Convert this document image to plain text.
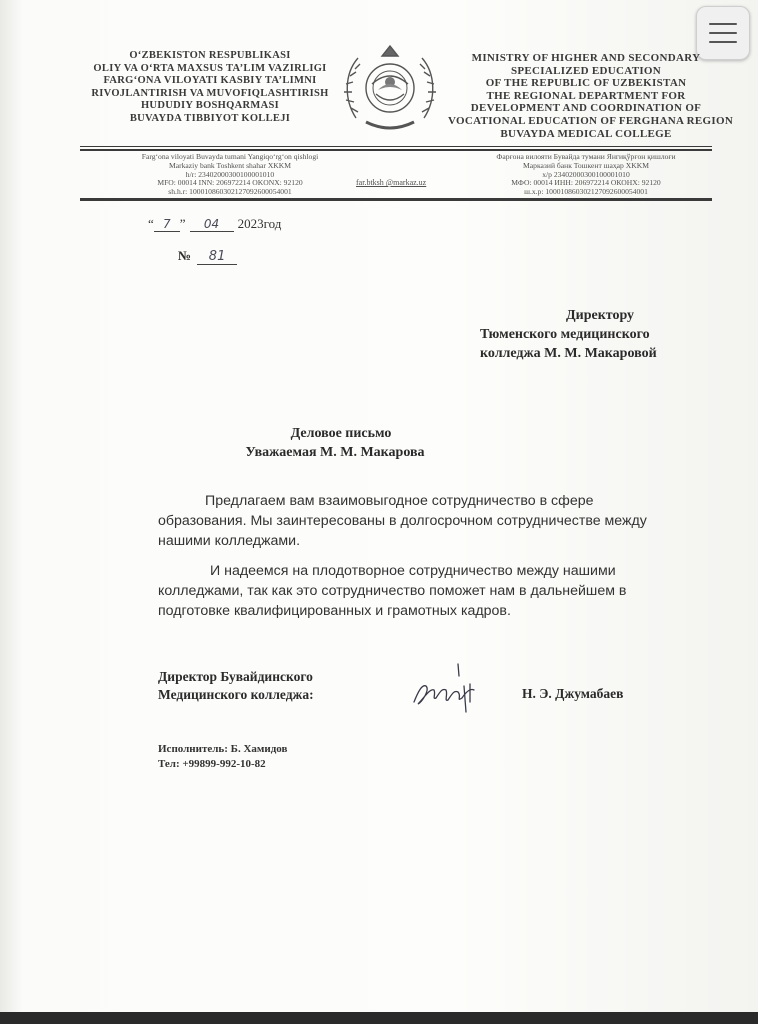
O‘ZBEKISTON RESPUBLIKASI
OLIY VA O‘RTA MAXSUS TA’LIM VAZIRLIGI
FARG‘ONA VILOYATI KASBIY TA’LIMNI
RIVOJLANTIRISH VA MUVOFIQLASHTIRISH
HUDUDIY BOSHQARMASI
BUVAYDA TIBBIYOT KOLLEJI
MINISTRY OF HIGHER AND SECONDARY
SPECIALIZED EDUCATION
OF THE REPUBLIC OF UZBEKISTAN
THE REGIONAL DEPARTMENT FOR
DEVELOPMENT AND COORDINATION OF
VOCATIONAL EDUCATION OF FERGHANA REGION
BUVAYDA MEDICAL COLLEGE
Farg‘ona viloyati Buvayda tumani Yangiqo‘rg‘on qishlogi
Markaziy bank Toshkent shahar XKKM
h/r: 23402000300100001010
MFO: 00014 INN: 206972214 OKONX: 92120
sh.h.r: 100010860302127092600054001
far.btksh @markaz.uz
Фарғона вилояти Бувайда тумани Янгиқўрғон қишлоғи
Марказий банк Тошкент шаҳар XKKM
х/р 23402000300100001010
МФО: 00014 ИНН: 206972214 ОКОНХ: 92120
ш.х.р: 100010860302127092600054001
“ 7 ”	04	2023год
№	81
Директору
Тюменского медицинского
колледжа М. М. Макаровой
Деловое письмо
Уважаемая М. М. Макарова
Предлагаем вам взаимовыгодное сотрудничество в сфере
образования. Мы заинтересованы в долгосрочном сотрудничестве между
нашими колледжами.
И надеемся на плодотворное сотрудничество между нашими
колледжами, так как это сотрудничество поможет нам в дальнейшем в
подготовке квалифицированных и грамотных кадров.
Директор Бувайдинского
Медицинского колледжа:	Н. Э. Джумабаев
Исполнитель: Б. Хамидов
Тел: +99899-992-10-82
